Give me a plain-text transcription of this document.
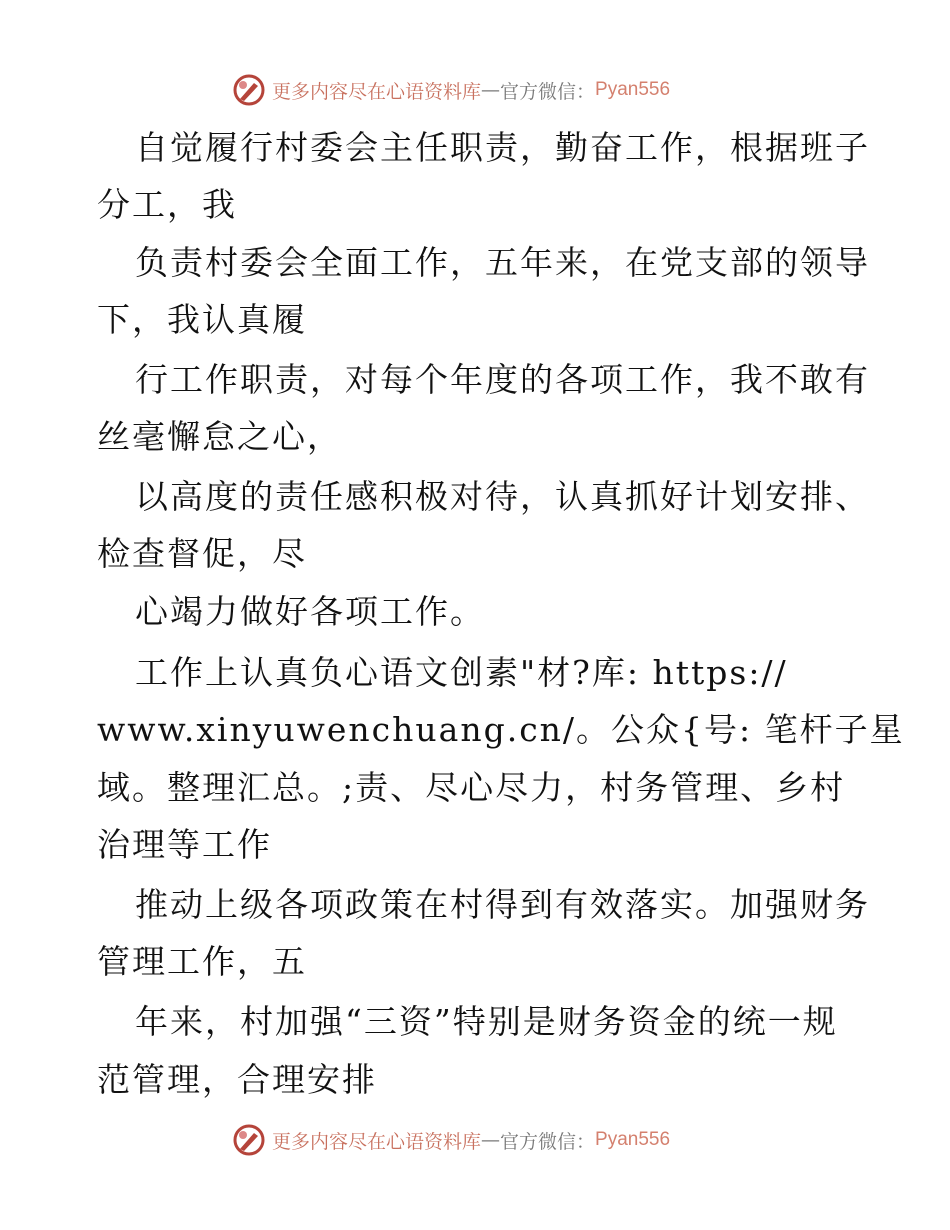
更多内容尽在心语资料库 — 官方微信： Pyan556
自觉履行村委会主任职责，勤奋工作，根据班子
分工，我
负责村委会全面工作，五年来，在党支部的领导
下，我认真履
行工作职责，对每个年度的各项工作，我不敢有
丝毫懈怠之心，
以高度的责任感积极对待，认真抓好计划安排、
检查督促，尽
心竭力做好各项工作。
工作上认真负心语文创素"材?库: https://
www.xinyuwenchuang.cn/。公众{号: 笔杆子星
域。整理汇总。;责、尽心尽力，村务管理、乡村
治理等工作
推动上级各项政策在村得到有效落实。加强财务
管理工作，五
年来，村加强“三资”特别是财务资金的统一规
范管理，合理安排
更多内容尽在心语资料库 — 官方微信： Pyan556
